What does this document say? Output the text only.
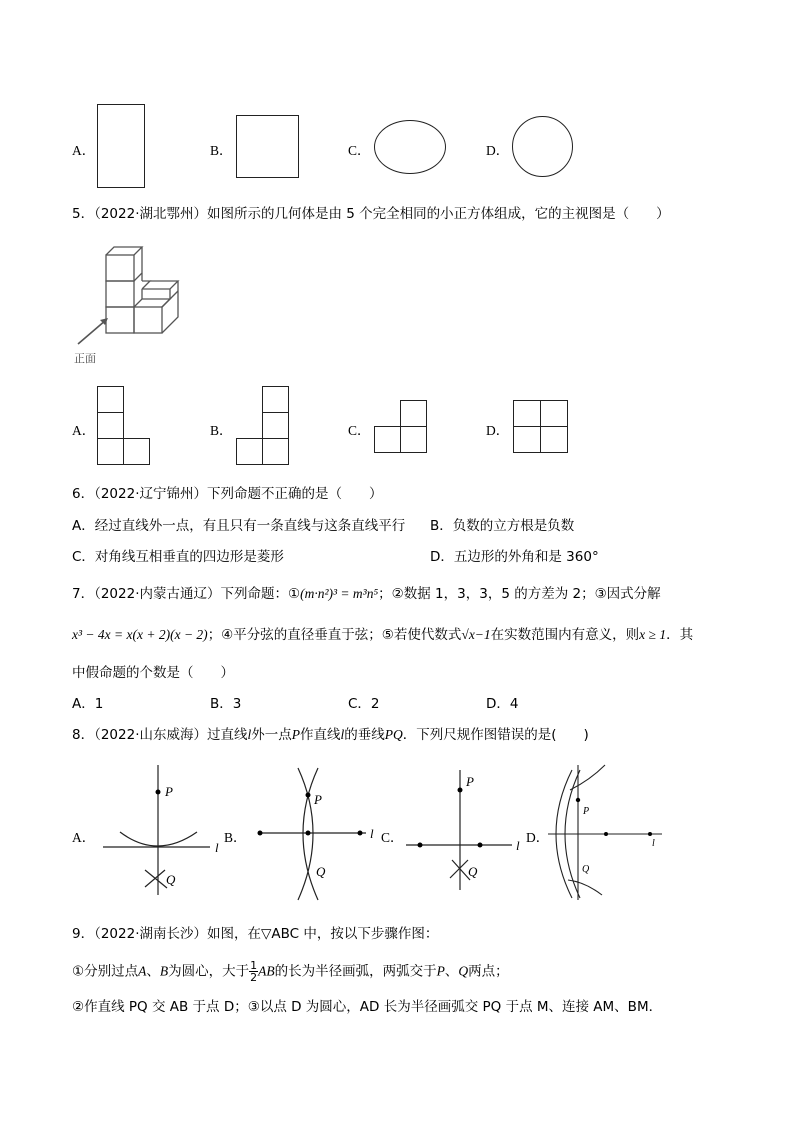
A．	B．	C．	D．
5．（2022·湖北鄂州）如图所示的几何体是由 5 个完全相同的小正方体组成，它的主视图是（　　）
正面
A．	B．	C．	D．
6．（2022·辽宁锦州）下列命题不正确的是（　　）
A．经过直线外一点，有且只有一条直线与这条直线平行 B．负数的立方根是负数
C．对角线互相垂直的四边形是菱形	D．五边形的外角和是 360°
7．（2022·内蒙古通辽）下列命题：①(m·n²)³ = m³n⁵；②数据 1，3，3，5 的方差为 2；③因式分解
x³ − 4x = x(x + 2)(x − 2)；④平分弦的直径垂直于弦；⑤若使代数式√x−1在实数范围内有意义，则x ≥ 1．其
中假命题的个数是（　　）
A．1	B．3	C．2	D．4
8．（2022·山东威海）过直线l外一点P作直线l的垂线PQ．下列尺规作图错误的是(　　)
A．
P
Q
l
B．
P
Q
l C．
P
Q
l
D．
P
Q
l
9．（2022·湖南长沙）如图，在▽ABC 中，按以下步骤作图：
①分别过点A、B为圆心，大于 $\frac{1}{2}$ AB的长为半径画弧，两弧交于P、Q两点；
②作直线 PQ 交 AB 于点 D；③以点 D 为圆心，AD 长为半径画弧交 PQ 于点 M、连接 AM、BM．
